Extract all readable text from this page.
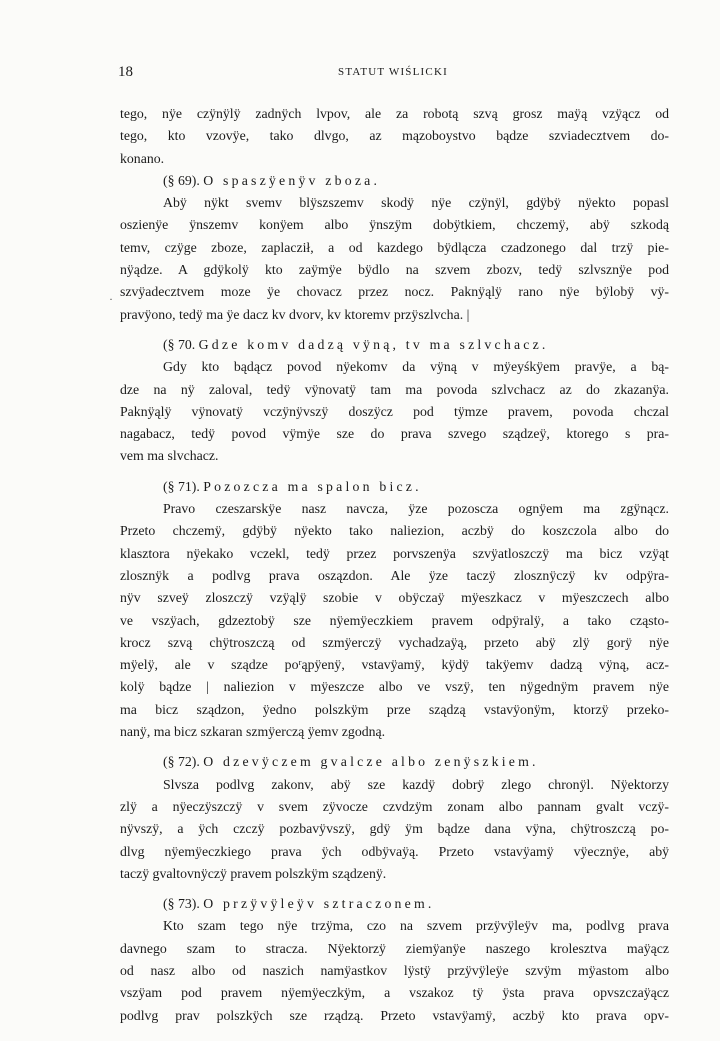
18	STATUT WIŚLICKI
·
tego, nÿe czÿnÿlÿ zadnÿch lvpov, ale za robotą szvą grosz maÿą vzÿącz od
tego, kto vzovÿe, tako dlvgo, az mązoboystvo bądze szviadecztvem do-
konano.
(§ 69). O spaszÿenÿv zboza.
Abÿ nÿkt svemv blÿszszemv skodÿ nÿe czÿnÿl, gdÿbÿ nÿekto popasl
oszienÿe ÿnszemv konÿem albo ÿnszÿm dobÿtkiem, chczemÿ, abÿ szkodą
temv, czÿge zboze, zaplacził, a od kazdego bÿdlącza czadzonego dal trzÿ pie-
nÿądze. A gdÿkolÿ kto zaÿmÿe bÿdlo na szvem zbozv, tedÿ szlvsznÿe pod
szvÿadecztvem moze ÿe chovacz przez nocz. Paknÿąlÿ rano nÿe bÿlobÿ vÿ-
pravÿono, tedÿ ma ÿe dacz kv dvorv, kv ktoremv przÿszlvcha. |
(§ 70. Gdze komv dadzą vÿną, tv ma szlvchacz.
Gdy kto bądącz povod nÿekomv da vÿną v mÿeyśkÿem pravÿe, a bą-
dze na nÿ zaloval, tedÿ vÿnovatÿ tam ma povoda szlvchacz az do zkazanÿa.
Paknÿąlÿ vÿnovatÿ vczÿnÿvszÿ doszÿcz pod tÿmze pravem, povoda chczal
nagabacz, tedÿ povod vÿmÿe sze do prava szvego sządzeÿ, ktorego s pra-
vem ma slvchacz.
(§ 71). Pozozcza ma spalon bicz.
Pravo czeszarskÿe nasz navcza, ÿze pozoscza ognÿem ma zgÿnącz.
Przeto chczemÿ, gdÿbÿ nÿekto tako naliezion, aczbÿ do koszczola albo do
klasztora nÿekako vczekl, tedÿ przez porvszenÿa szvÿatloszczÿ ma bicz vzÿąt
zlosznÿk a podlvg prava oszązdon. Ale ÿze taczÿ zlosznÿczÿ kv odpÿra-
nÿv szveÿ zloszczÿ vzÿąlÿ szobie v obÿczaÿ mÿeszkacz v mÿeszczech albo
ve vszÿach, gdzeztobÿ sze nÿemÿeczkiem pravem odpÿralÿ, a tako cząsto-
krocz szvą chÿtroszczą od szmÿerczÿ vychadzaÿą, przeto abÿ zlÿ gorÿ nÿe
mÿelÿ, ale v sządze poʳąpÿenÿ, vstavÿamÿ, kÿdÿ takÿemv dadzą vÿną, acz-
kolÿ bądze | naliezion v mÿeszcze albo ve vszÿ, ten nÿgednÿm pravem nÿe
ma bicz sządzon, ÿedno polszkÿm prze sządzą vstavÿonÿm, ktorzÿ przeko-
nanÿ, ma bicz szkaran szmÿerczą ÿemv zgodną.
(§ 72). O dzevÿczem gvalcze albo zenÿszkiem.
Slvsza podlvg zakonv, abÿ sze kazdÿ dobrÿ zlego chronÿl. Nÿektorzy
zlÿ a nÿeczÿszczÿ v svem zÿvocze czvdzÿm zonam albo pannam gvalt vczÿ-
nÿvszÿ, a ÿch czczÿ pozbavÿvszÿ, gdÿ ÿm bądze dana vÿna, chÿtroszczą po-
dlvg nÿemÿeczkiego prava ÿch odbÿvaÿą. Przeto vstavÿamÿ vÿecznÿe, abÿ
taczÿ gvaltovnÿczÿ pravem polszkÿm sządzenÿ.
(§ 73). O przÿvÿleÿv sztraczonem.
Kto szam tego nÿe trzÿma, czo na szvem przÿvÿleÿv ma, podlvg prava
davnego szam to stracza. Nÿektorzÿ ziemÿanÿe naszego krolesztva maÿącz
od nasz albo od naszich namÿastkov lÿstÿ przÿvÿleÿe szvÿm mÿastom albo
vszÿam pod pravem nÿemÿeczkÿm, a vszakoz tÿ ÿsta prava opvszczaÿącz
podlvg prav polszkÿch sze rządzą. Przeto vstavÿamÿ, aczbÿ kto prava opv-
